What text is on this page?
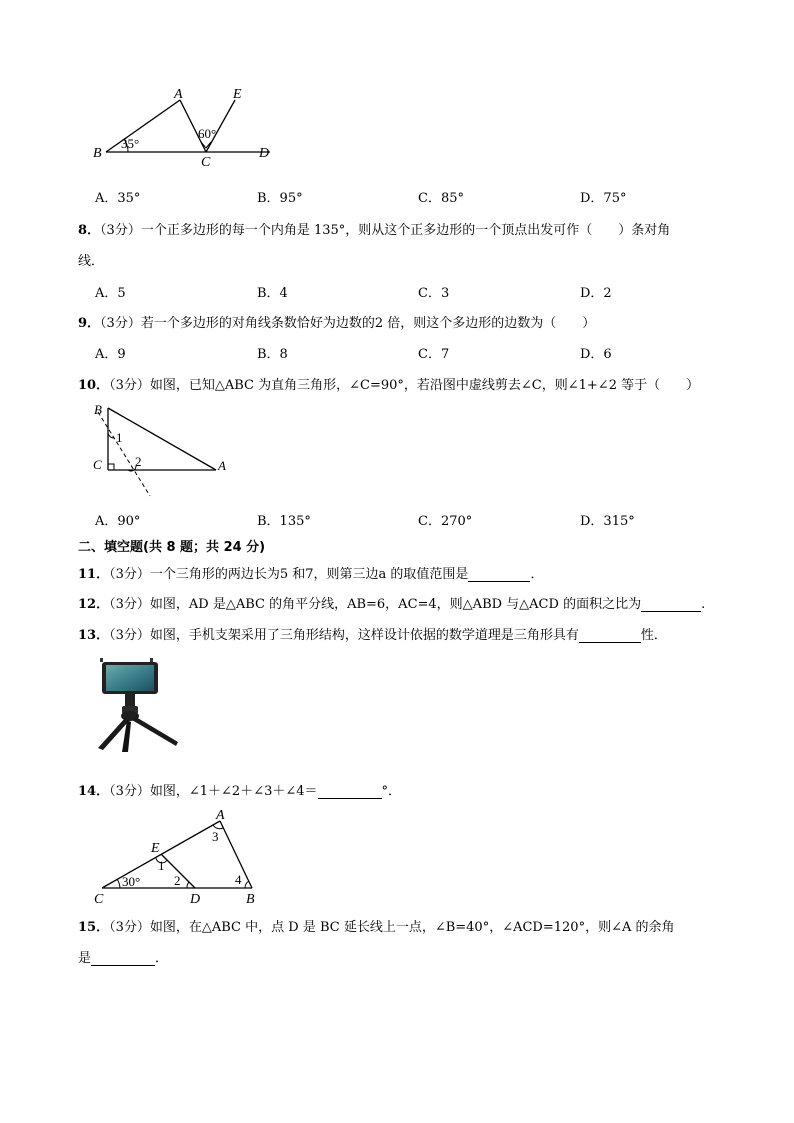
A	E
B
C
D
35°
60°
A．35°	B．95°	C．85°	D．75°
8．（3分）一个正多边形的每一个内角是 135°，则从这个正多边形的一个顶点出发可作（　　）条对角
线．
A．5	B．4	C．3	D．2
9．（3分）若一个多边形的对角线条数恰好为边数的2 倍，则这个多边形的边数为（　　）
A．9	B．8	C．7	D．6
10．（3分）如图，已知△ABC 为直角三角形，∠C=90°，若沿图中虚线剪去∠C，则∠1+∠2 等于（　　）
B
C	A
1
2
A．90°	B．135°	C．270°	D．315°
二、填空题(共 8 题；共 24 分)
11．（3分）一个三角形的两边长为5 和7，则第三边a 的取值范围是	．
12．（3分）如图，AD 是△ABC 的角平分线，AB=6，AC=4，则△ABD 与△ACD 的面积之比为	.
13．（3分）如图，手机支架采用了三角形结构，这样设计依据的数学道理是三角形具有	性．
14．（3分）如图，∠1＋∠2＋∠3＋∠4＝	°．
A
E
C	D	B
1
2
3
4
30°
15．（3分）如图，在△ABC 中，点 D 是 BC 延长线上一点，∠B=40°，∠ACD=120°，则∠A 的余角
是	．
